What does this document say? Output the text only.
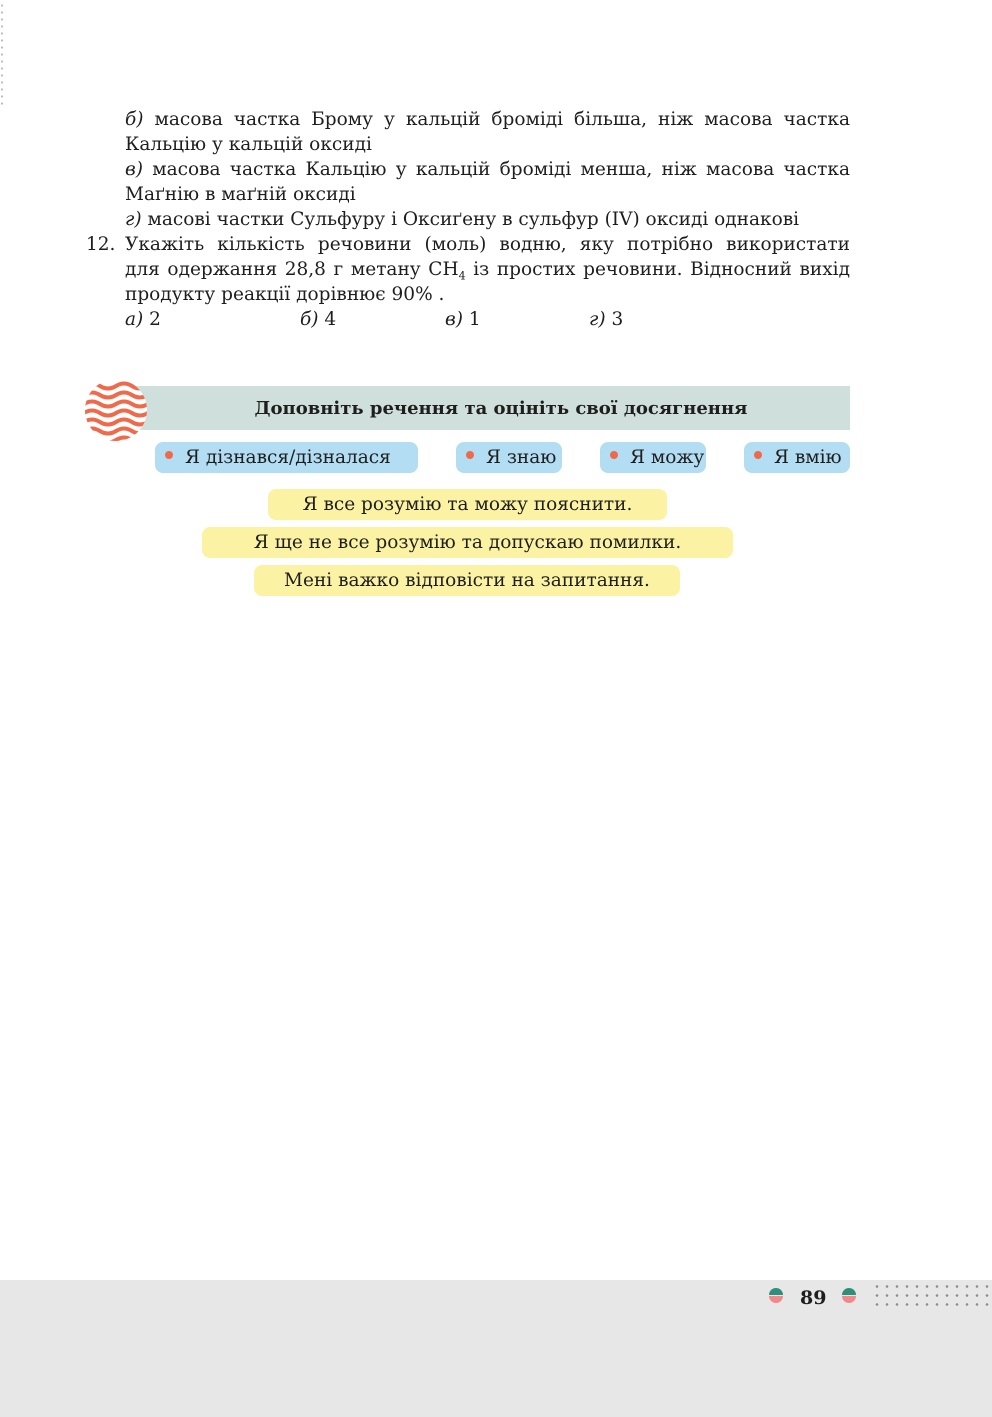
б) масова частка Брому у кальцій броміді більша, ніж масова частка
Кальцію у кальцій оксиді
в) масова частка Кальцію у кальцій броміді менша, ніж масова частка
Маґнію в маґній оксиді
г) масові частки Сульфуру і Оксиґену в сульфур (IV) оксиді однакові
12. Укажіть кількість речовини (моль) водню, яку потрібно використати
для одержання 28,8 г метану $CH_4$ із простих речовини. Відносний вихід
продукту реакції дорівнює 90% .
а) 2	б) 4	в) 1	г) 3
Доповніть речення та оцініть свої досягнення
Я дізнався/дізналася	Я знаю	Я можу	Я вмію
Я все розумію та можу пояснити.
Я ще не все розумію та допускаю помилки.
Мені важко відповісти на запитання.
89
